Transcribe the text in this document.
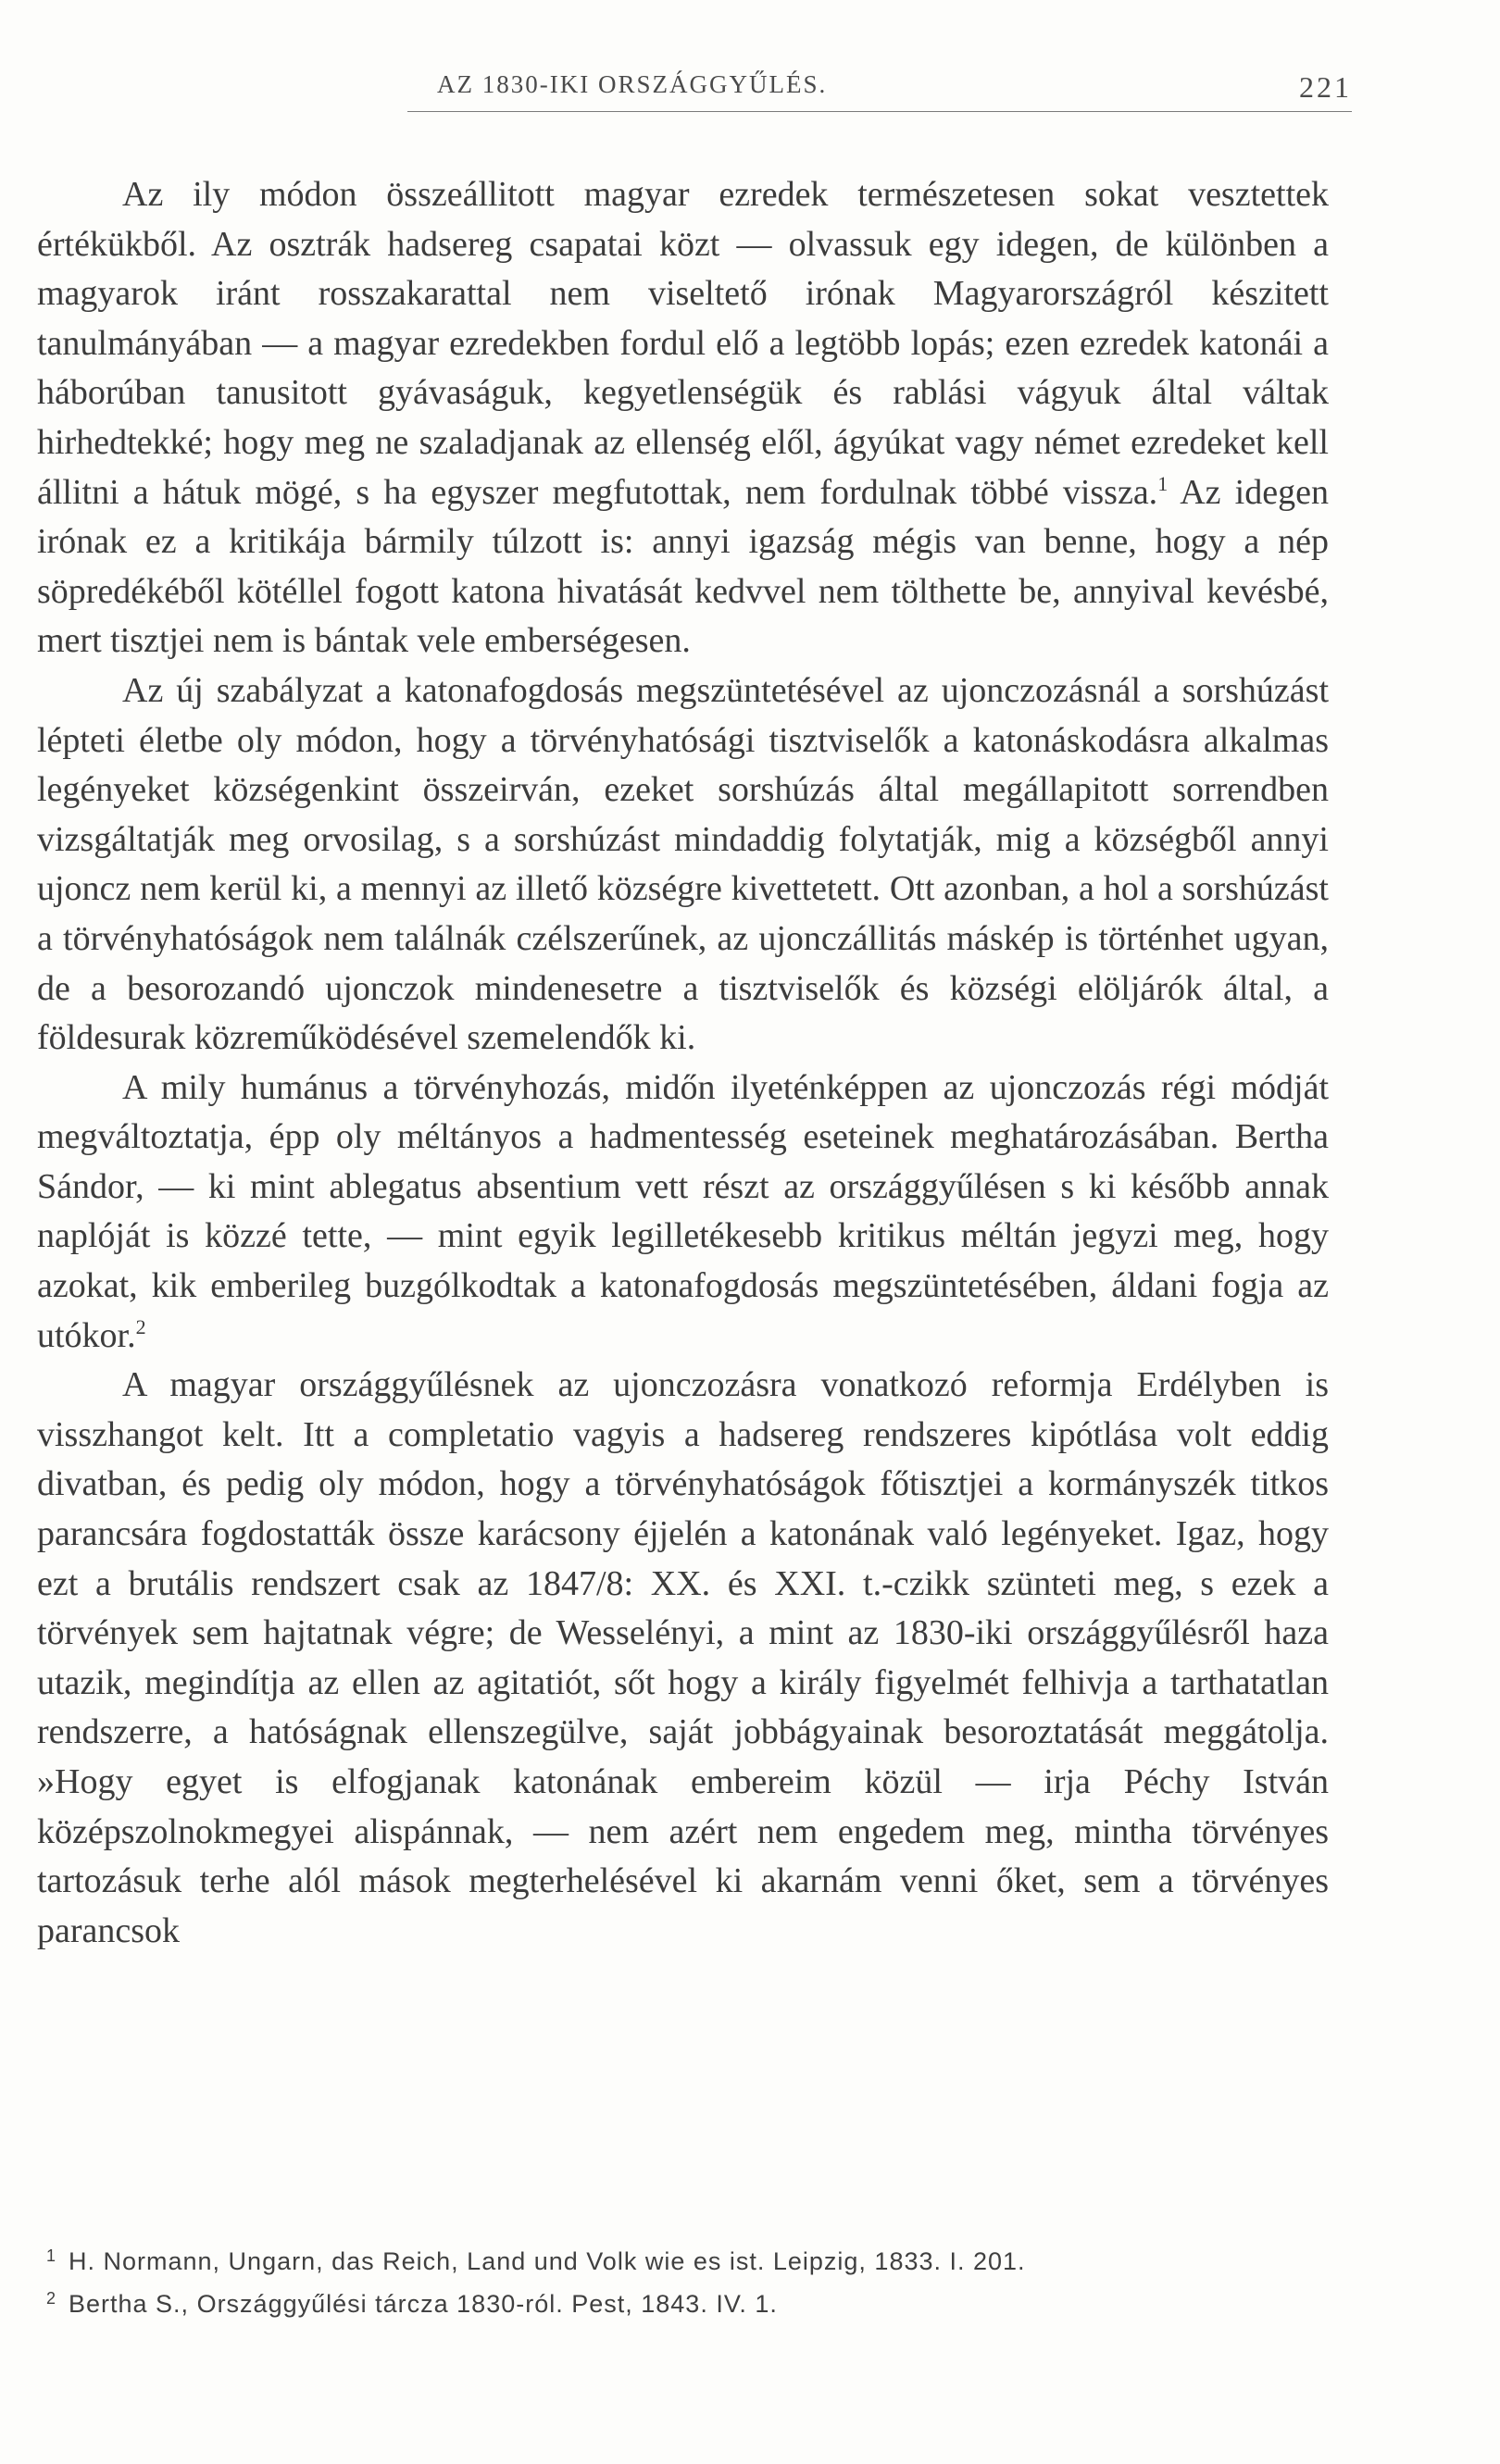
AZ 1830-IKI ORSZÁGGYŰLÉS.	221

Az ily módon összeállitott magyar ezredek természetesen sokat vesztettek értékükből. Az osztrák hadsereg csapatai közt — olvassuk egy idegen, de különben a magyarok iránt rosszakarattal nem viseltető irónak Magyarországról készitett tanulmányában — a magyar ezredekben fordul elő a legtöbb lopás; ezen ezredek katonái a háborúban tanusitott gyávaságuk, kegyetlenségük és rablási vágyuk által váltak hirhedtekké; hogy meg ne szaladjanak az ellenség elől, ágyúkat vagy német ezredeket kell állitni a hátuk mögé, s ha egyszer megfutottak, nem fordulnak többé vissza.$^1$ Az idegen irónak ez a kritikája bármily túlzott is: annyi igazság mégis van benne, hogy a nép söpredékéből kötéllel fogott katona hivatását kedvvel nem tölthette be, annyival kevésbé, mert tisztjei nem is bántak vele emberségesen.

Az új szabályzat a katonafogdosás megszüntetésével az ujonczozásnál a sorshúzást lépteti életbe oly módon, hogy a törvényhatósági tisztviselők a katonáskodásra alkalmas legényeket községenkint összeirván, ezeket sorshúzás által megállapitott sorrendben vizsgáltatják meg orvosilag, s a sorshúzást mindaddig folytatják, mig a községből annyi ujoncz nem kerül ki, a mennyi az illető községre kivettetett. Ott azonban, a hol a sorshúzást a törvényhatóságok nem találnák czélszerűnek, az ujonczállitás máskép is történhet ugyan, de a besorozandó ujonczok mindenesetre a tisztviselők és községi elöljárók által, a földesurak közreműködésével szemelendők ki.

A mily humánus a törvényhozás, midőn ilyeténképpen az ujonczozás régi módját megváltoztatja, épp oly méltányos a hadmentesség eseteinek meghatározásában. Bertha Sándor, — ki mint ablegatus absentium vett részt az országgyűlésen s ki később annak naplóját is közzé tette, — mint egyik legilletékesebb kritikus méltán jegyzi meg, hogy azokat, kik emberileg buzgólkodtak a katonafogdosás megszüntetésében, áldani fogja az utókor.$^2$

A magyar országgyűlésnek az ujonczozásra vonatkozó reformja Erdélyben is visszhangot kelt. Itt a completatio vagyis a hadsereg rendszeres kipótlása volt eddig divatban, és pedig oly módon, hogy a törvényhatóságok főtisztjei a kormányszék titkos parancsára fogdostatták össze karácsony éjjelén a katonának való legényeket. Igaz, hogy ezt a brutális rendszert csak az 1847/8: XX. és XXI. t.-czikk szünteti meg, s ezek a törvények sem hajtatnak végre; de Wesselényi, a mint az 1830-iki országgyűlésről haza utazik, megindítja az ellen az agitatiót, sőt hogy a király figyelmét felhivja a tarthatatlan rendszerre, a hatóságnak ellenszegülve, saját jobbágyainak besoroztatását meggátolja. »Hogy egyet is elfogjanak katonának embereim közül — irja Péchy István középszolnokmegyei alispánnak, — nem azért nem engedem meg, mintha törvényes tartozásuk terhe alól mások megterhelésével ki akarnám venni őket, sem a törvényes parancsok

1 H. Normann, Ungarn, das Reich, Land und Volk wie es ist. Leipzig, 1833. I. 201.
2 Bertha S., Országgyűlési tárcza 1830-ról. Pest, 1843. IV. 1.
